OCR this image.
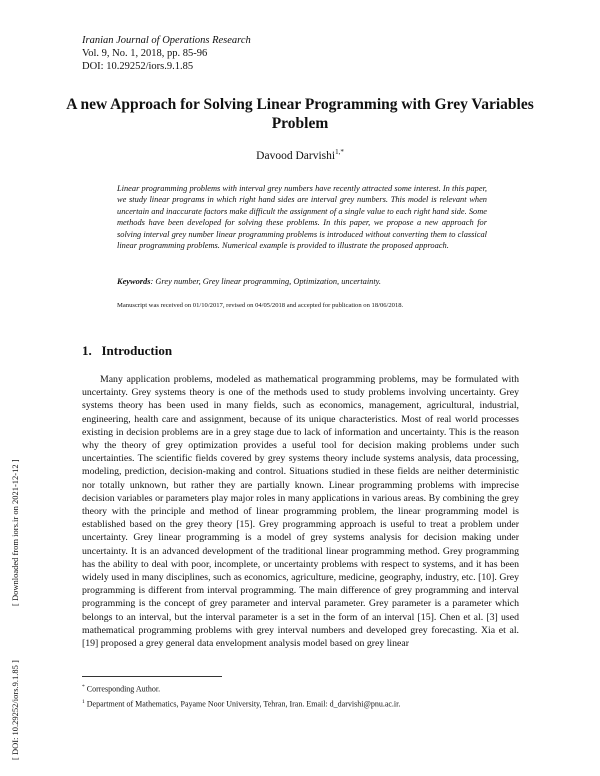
Iranian Journal of Operations Research
Vol. 9, No. 1, 2018, pp. 85-96
DOI: 10.29252/iors.9.1.85
A new Approach for Solving Linear Programming with Grey Variables Problem
Davood Darvishi$^{1,*}$

Linear programming problems with interval grey numbers have recently attracted some interest. In this paper, we study linear programs in which right hand sides are interval grey numbers. This model is relevant when uncertain and inaccurate factors make difficult the assignment of a single value to each right hand side. Some methods have been developed for solving these problems. In this paper, we propose a new approach for solving interval grey number linear programming problems is introduced without converting them to classical linear programming problems. Numerical example is provided to illustrate the proposed approach.

Keywords: Grey number, Grey linear programming, Optimization, uncertainty.
Manuscript was received on 01/10/2017, revised on 04/05/2018 and accepted for publication on 18/06/2018.
1. Introduction

Many application problems, modeled as mathematical programming problems, may be formulated with uncertainty. Grey systems theory is one of the methods used to study problems involving uncertainty. Grey systems theory has been used in many fields, such as economics, management, agricultural, industrial, engineering, health care and assignment, because of its unique characteristics. Most of real world processes existing in decision problems are in a grey stage due to lack of information and uncertainty. This is the reason why the theory of grey optimization provides a useful tool for decision making problems under such uncertainties. The scientific fields covered by grey systems theory include systems analysis, data processing, modeling, prediction, decision-making and control. Situations studied in these fields are neither deterministic nor totally unknown, but rather they are partially known. Linear programming problems with imprecise decision variables or parameters play major roles in many applications in various areas. By combining the grey theory with the principle and method of linear programming problem, the linear programming model is established based on the grey theory [15]. Grey programming approach is useful to treat a problem under uncertainty. Grey linear programming is a model of grey systems analysis for decision making under uncertainty. It is an advanced development of the traditional linear programming method. Grey programming has the ability to deal with poor, incomplete, or uncertainty problems with respect to systems, and it has been widely used in many disciplines, such as economics, agriculture, medicine, geography, industry, etc. [10]. Grey programming is different from interval programming. The main difference of grey programming and interval programming is the concept of grey parameter and interval parameter. Grey parameter is a parameter which belongs to an interval, but the interval parameter is a set in the form of an interval [15]. Chen et al. [3] used mathematical programming problems with grey interval numbers and developed grey forecasting. Xia et al. [19] proposed a grey general data envelopment analysis model based on grey linear

* Corresponding Author.
$^1$ Department of Mathematics, Payame Noor University, Tehran, Iran. Email: d_darvishi@pnu.ac.ir.
[ DOI: 10.29252/iors.9.1.85 ] [ Downloaded from iors.ir on 2021-12-12 ]
